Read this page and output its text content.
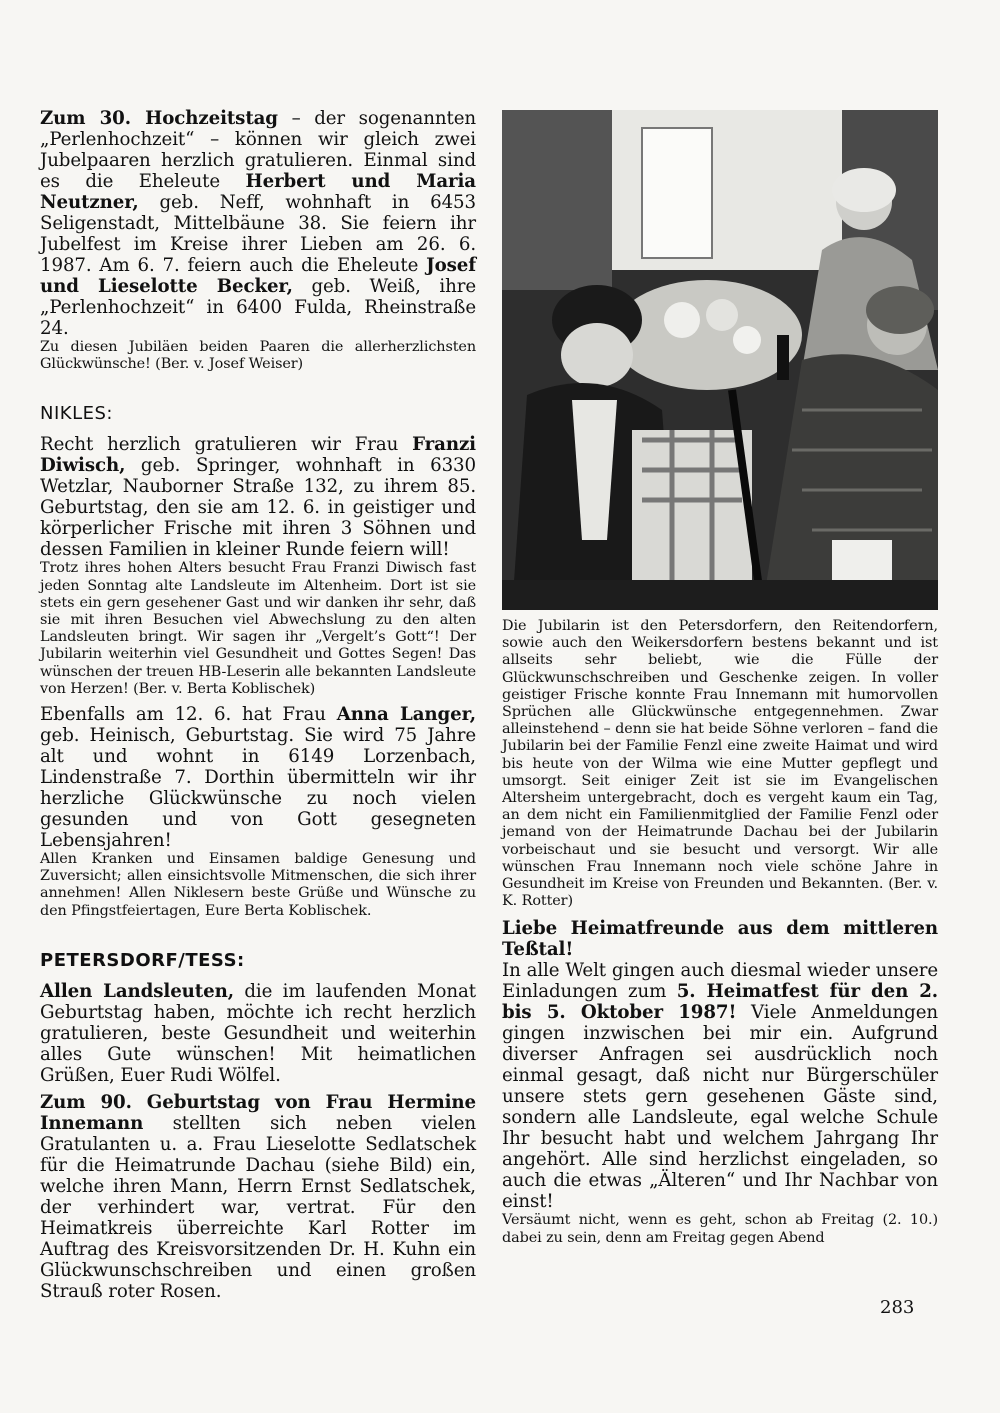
Zum 30. Hochzeitstag – der sogenannten „Perlenhochzeit“ – können wir gleich zwei Jubelpaaren herzlich gratulieren. Einmal sind es die Eheleute Herbert und Maria Neutzner, geb. Neff, wohnhaft in 6453 Seligenstadt, Mittelbäune 38. Sie feiern ihr Jubelfest im Kreise ihrer Lieben am 26. 6. 1987. Am 6. 7. feiern auch die Eheleute Josef und Lieselotte Becker, geb. Weiß, ihre „Perlenhochzeit“ in 6400 Fulda, Rheinstraße 24.

Zu diesen Jubiläen beiden Paaren die allerherzlichsten Glückwünsche! (Ber. v. Josef Weiser)

NIKLES:

Recht herzlich gratulieren wir Frau Franzi Diwisch, geb. Springer, wohnhaft in 6330 Wetzlar, Nauborner Straße 132, zu ihrem 85. Geburtstag, den sie am 12. 6. in geistiger und körperlicher Frische mit ihren 3 Söhnen und dessen Familien in kleiner Runde feiern will!

Trotz ihres hohen Alters besucht Frau Franzi Diwisch fast jeden Sonntag alte Landsleute im Altenheim. Dort ist sie stets ein gern gesehener Gast und wir danken ihr sehr, daß sie mit ihren Besuchen viel Abwechslung zu den alten Landsleuten bringt. Wir sagen ihr „Vergelt’s Gott“! Der Jubilarin weiterhin viel Gesundheit und Gottes Segen! Das wünschen der treuen HB-Leserin alle bekannten Landsleute von Herzen! (Ber. v. Berta Koblischek)

Ebenfalls am 12. 6. hat Frau Anna Langer, geb. Heinisch, Geburtstag. Sie wird 75 Jahre alt und wohnt in 6149 Lorzenbach, Lindenstraße 7. Dorthin übermitteln wir ihr herzliche Glückwünsche zu noch vielen gesunden und von Gott gesegneten Lebensjahren!

Allen Kranken und Einsamen baldige Genesung und Zuversicht; allen einsichtsvolle Mitmenschen, die sich ihrer annehmen! Allen Niklesern beste Grüße und Wünsche zu den Pfingstfeiertagen, Eure Berta Koblischek.

PETERSDORF/TESS:

Allen Landsleuten, die im laufenden Monat Geburtstag haben, möchte ich recht herzlich gratulieren, beste Gesundheit und weiterhin alles Gute wünschen! Mit heimatlichen Grüßen, Euer Rudi Wölfel.

Zum 90. Geburtstag von Frau Hermine Innemann stellten sich neben vielen Gratulanten u. a. Frau Lieselotte Sedlatschek für die Heimatrunde Dachau (siehe Bild) ein, welche ihren Mann, Herrn Ernst Sedlatschek, der verhindert war, vertrat. Für den Heimatkreis überreichte Karl Rotter im Auftrag des Kreisvorsitzenden Dr. H. Kuhn ein Glückwunschschreiben und einen großen Strauß roter Rosen.

Die Jubilarin ist den Petersdorfern, den Reitendorfern, sowie auch den Weikersdorfern bestens bekannt und ist allseits sehr beliebt, wie die Fülle der Glückwunschschreiben und Geschenke zeigen. In voller geistiger Frische konnte Frau Innemann mit humorvollen Sprüchen alle Glückwünsche entgegennehmen. Zwar alleinstehend – denn sie hat beide Söhne verloren – fand die Jubilarin bei der Familie Fenzl eine zweite Haimat und wird bis heute von der Wilma wie eine Mutter gepflegt und umsorgt. Seit einiger Zeit ist sie im Evangelischen Altersheim untergebracht, doch es vergeht kaum ein Tag, an dem nicht ein Familienmitglied der Familie Fenzl oder jemand von der Heimatrunde Dachau bei der Jubilarin vorbeischaut und sie besucht und versorgt. Wir alle wünschen Frau Innemann noch viele schöne Jahre in Gesundheit im Kreise von Freunden und Bekannten. (Ber. v. K. Rotter)

Liebe Heimatfreunde aus dem mittleren Teßtal!

In alle Welt gingen auch diesmal wieder unsere Einladungen zum 5. Heimatfest für den 2. bis 5. Oktober 1987! Viele Anmeldungen gingen inzwischen bei mir ein. Aufgrund diverser Anfragen sei ausdrücklich noch einmal gesagt, daß nicht nur Bürgerschüler unsere stets gern gesehenen Gäste sind, sondern alle Landsleute, egal welche Schule Ihr besucht habt und welchem Jahrgang Ihr angehört. Alle sind herzlichst eingeladen, so auch die etwas „Älteren“ und Ihr Nachbar von einst!

Versäumt nicht, wenn es geht, schon ab Freitag (2. 10.) dabei zu sein, denn am Freitag gegen Abend

283
